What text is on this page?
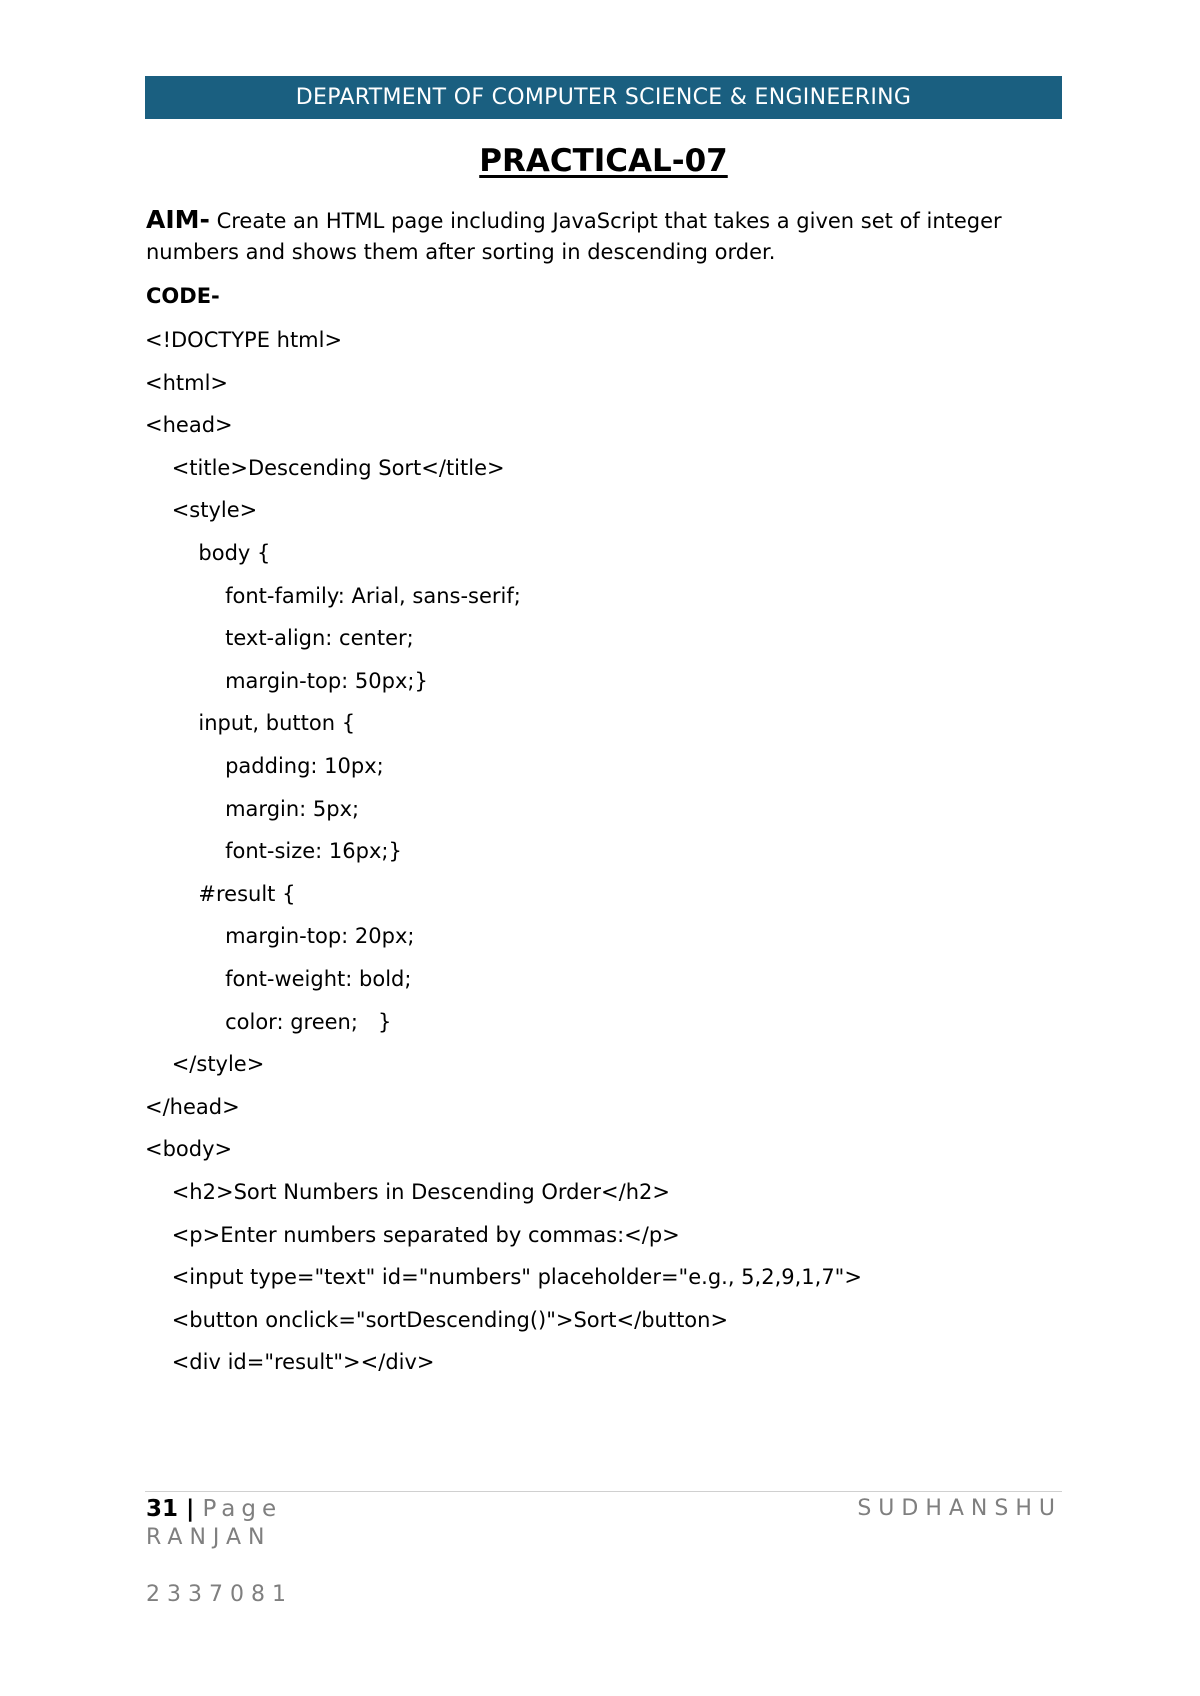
DEPARTMENT OF COMPUTER SCIENCE & ENGINEERING
PRACTICAL-07

AIM- Create an HTML page including JavaScript that takes a given set of integer numbers and shows them after sorting in descending order.

CODE-

<!DOCTYPE html>
<html>
<head>
<title>Descending Sort</title>
<style>
body {
font-family: Arial, sans-serif;
text-align: center;
margin-top: 50px;}
input, button {
padding: 10px;
margin: 5px;
font-size: 16px;}
#result {
margin-top: 20px;
font-weight: bold;
color: green;   }
</style>
</head>
<body>
<h2>Sort Numbers in Descending Order</h2>
<p>Enter numbers separated by commas:</p>
<input type="text" id="numbers" placeholder="e.g., 5,2,9,1,7">
<button onclick="sortDescending()">Sort</button>
<div id="result"></div>
31 | Page	SUDHANSHU
RANJAN
2337081
